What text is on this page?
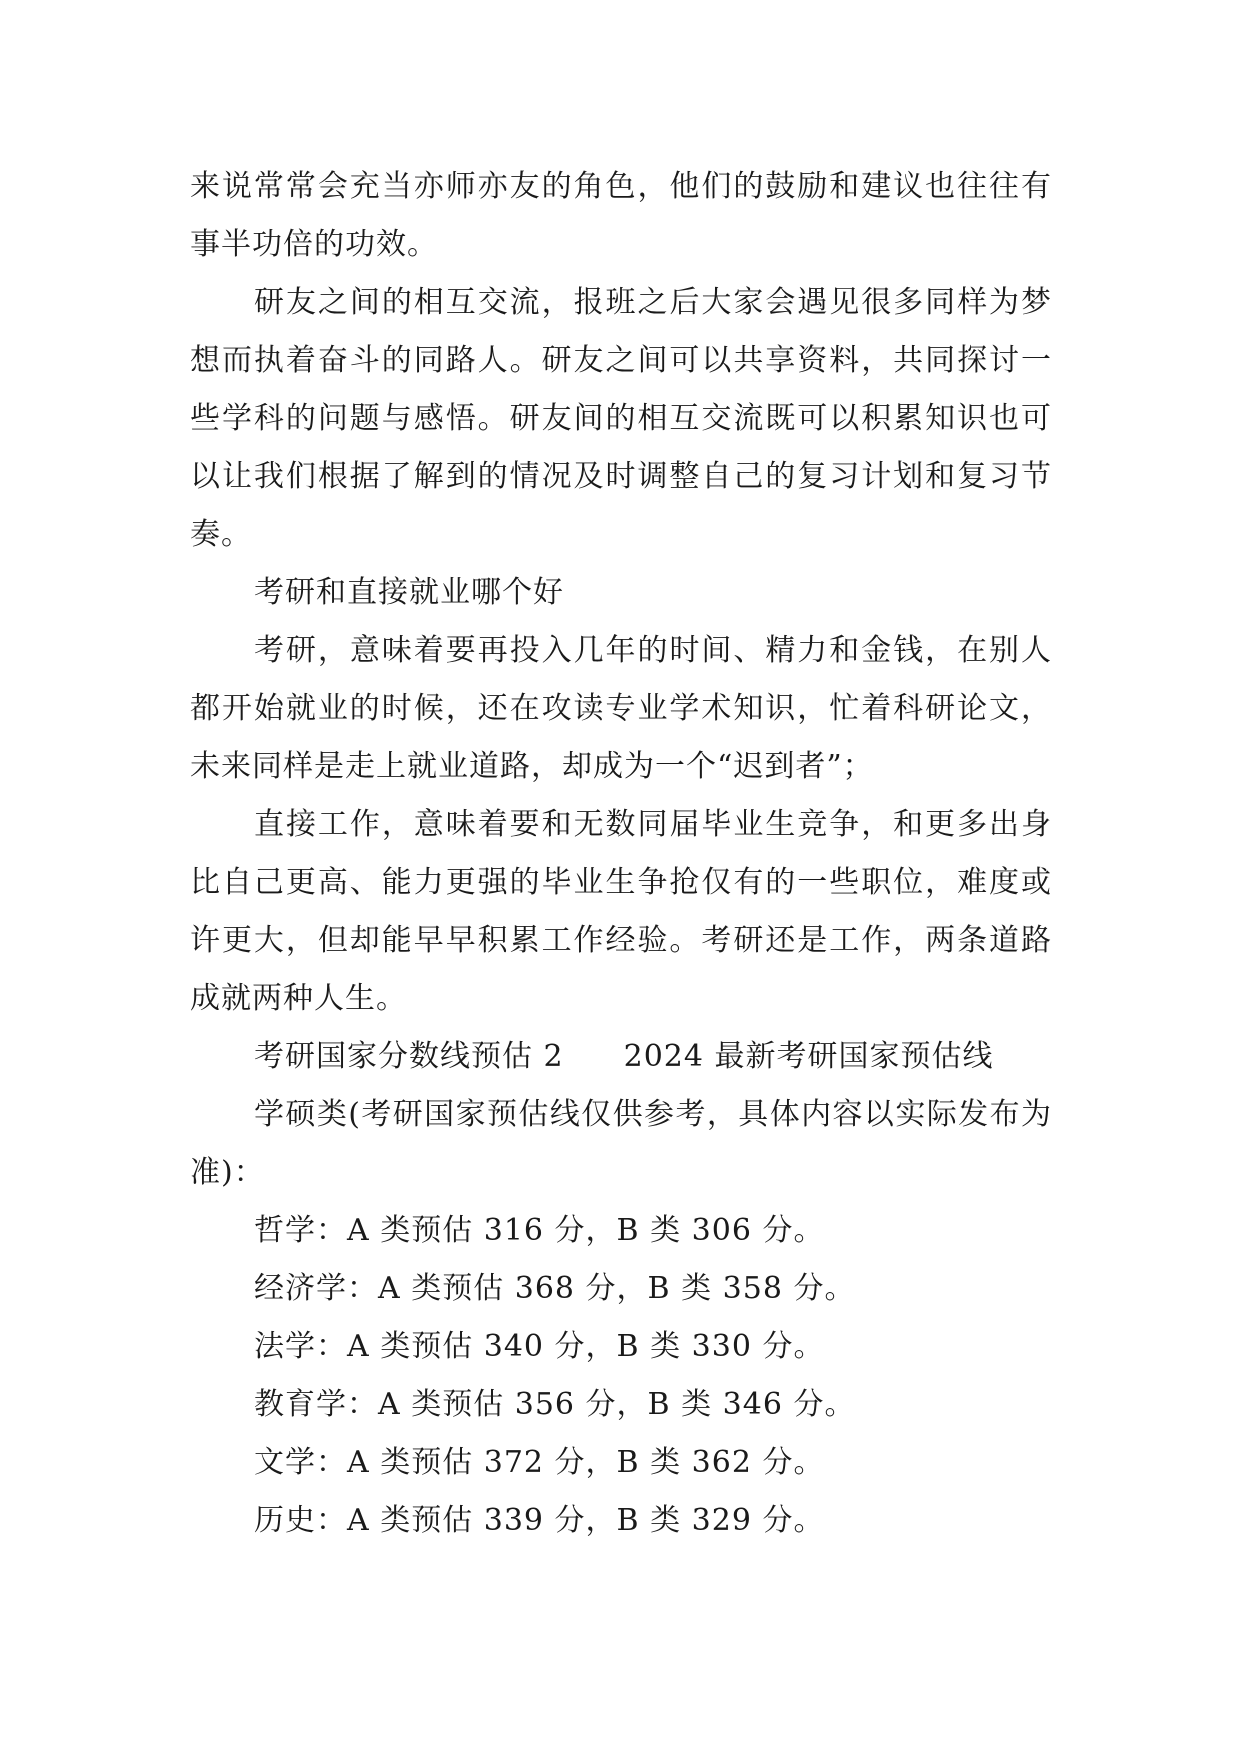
来说常常会充当亦师亦友的角色，他们的鼓励和建议也往往有事半功倍的功效。

研友之间的相互交流，报班之后大家会遇见很多同样为梦想而执着奋斗的同路人。研友之间可以共享资料，共同探讨一些学科的问题与感悟。研友间的相互交流既可以积累知识也可以让我们根据了解到的情况及时调整自己的复习计划和复习节奏。

考研和直接就业哪个好

考研，意味着要再投入几年的时间、精力和金钱，在别人都开始就业的时候，还在攻读专业学术知识，忙着科研论文，未来同样是走上就业道路，却成为一个“迟到者”；

直接工作，意味着要和无数同届毕业生竞争，和更多出身比自己更高、能力更强的毕业生争抢仅有的一些职位，难度或许更大，但却能早早积累工作经验。考研还是工作，两条道路成就两种人生。

考研国家分数线预估 2 2024 最新考研国家预估线

学硕类(考研国家预估线仅供参考，具体内容以实际发布为准)：

哲学：A 类预估 316 分，B 类 306 分。

经济学：A 类预估 368 分，B 类 358 分。

法学：A 类预估 340 分，B 类 330 分。

教育学：A 类预估 356 分，B 类 346 分。

文学：A 类预估 372 分，B 类 362 分。

历史：A 类预估 339 分，B 类 329 分。
